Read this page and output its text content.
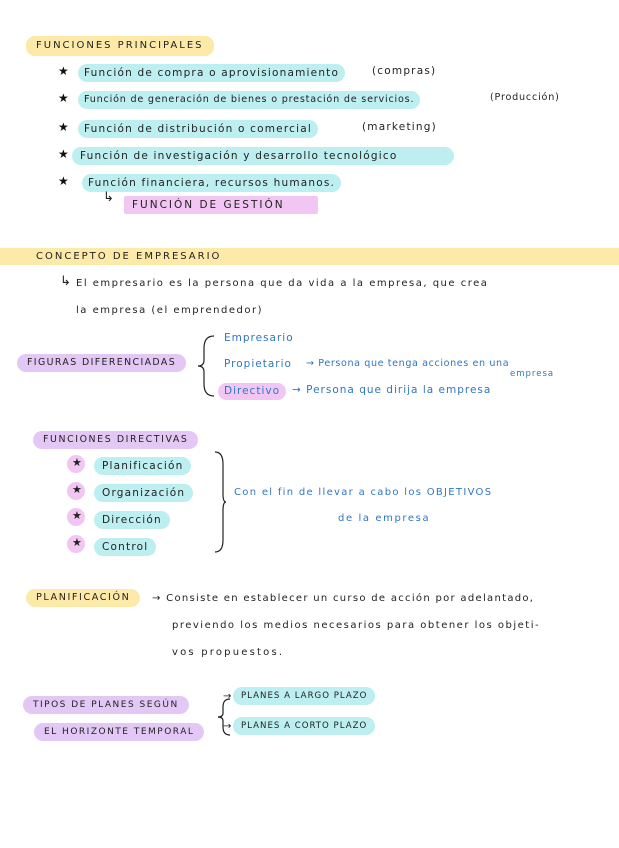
FUNCIONES PRINCIPALES
★	Función de compra o aprovisionamiento	(compras)
★	Función de generación de bienes o prestación de servicios.	(Producción)
★	Función de distribución o comercial	(marketing)
★	Función de investigación y desarrollo tecnológico
★	Función financiera, recursos humanos.
↳	FUNCIÓN DE GESTIÓN
CONCEPTO DE EMPRESARIO
↳ El empresario es la persona que da vida a la empresa, que crea
la empresa (el emprendedor)
FIGURAS DIFERENCIADAS
Empresario
Propietario → Persona que tenga acciones en una
empresa
Directivo	→ Persona que dirija la empresa
FUNCIONES DIRECTIVAS
★	Planificación
★	Organización
★	Dirección
★	Control
Con el fin de llevar a cabo los OBJETIVOS
de la empresa
PLANIFICACIÓN	→ Consiste en establecer un curso de acción por adelantado,
previendo los medios necesarios para obtener los objeti-
vos propuestos.
TIPOS DE PLANES SEGÚN
EL HORIZONTE TEMPORAL
→	PLANES A LARGO PLAZO
→	PLANES A CORTO PLAZO
